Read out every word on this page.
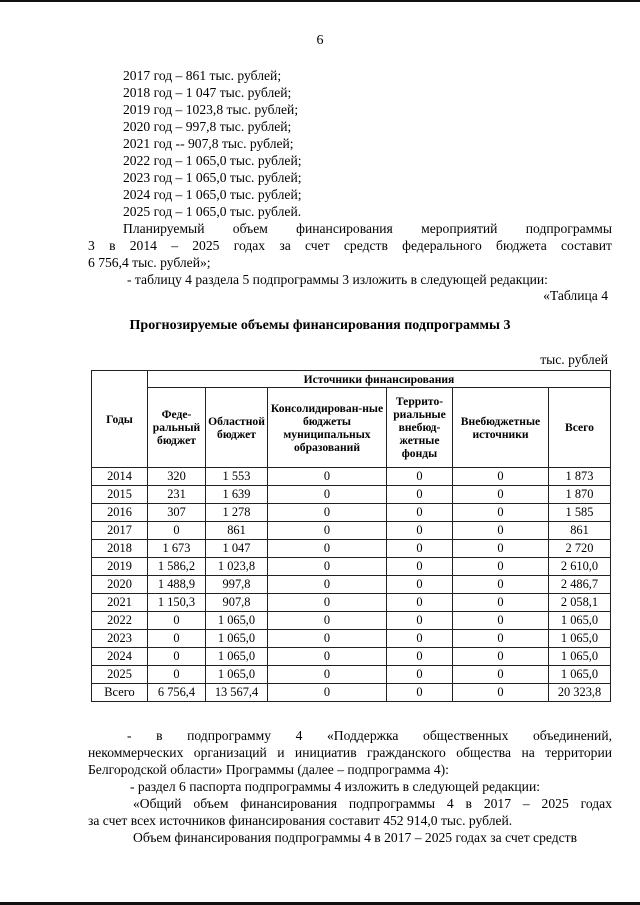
6
2017 год – 861 тыс. рублей;
2018 год – 1 047 тыс. рублей;
2019 год – 1023,8 тыс. рублей;
2020 год – 997,8 тыс. рублей;
2021 год -- 907,8 тыс. рублей;
2022 год – 1 065,0 тыс. рублей;
2023 год – 1 065,0 тыс. рублей;
2024 год – 1 065,0 тыс. рублей;
2025 год – 1 065,0 тыс. рублей.
Планируемый объем финансирования мероприятий подпрограммы
3 в 2014 – 2025 годах за счет средств федерального бюджета составит
6 756,4 тыс. рублей»;
- таблицу 4 раздела 5 подпрограммы 3 изложить в следующей редакции:
«Таблица 4
Прогнозируемые объемы финансирования подпрограммы 3
тыс. рублей
Годы	Источники финансирования					
	Феде-ральный бюджет	Областной бюджет	Консолидирован-ные бюджеты муниципальных образований	Террито-риальные внебюд-жетные фонды	Внебюджетные источники	Всего
2014	320	1 553	0	0	0	1 873
2015	231	1 639	0	0	0	1 870
2016	307	1 278	0	0	0	1 585
2017	0	861	0	0	0	861
2018	1 673	1 047	0	0	0	2 720
2019	1 586,2	1 023,8	0	0	0	2 610,0
2020	1 488,9	997,8	0	0	0	2 486,7
2021	1 150,3	907,8	0	0	0	2 058,1
2022	0	1 065,0	0	0	0	1 065,0
2023	0	1 065,0	0	0	0	1 065,0
2024	0	1 065,0	0	0	0	1 065,0
2025	0	1 065,0	0	0	0	1 065,0
Всего	6 756,4	13 567,4	0	0	0	20 323,8
- в подпрограмму 4 «Поддержка общественных объединений,
некоммерческих организаций и инициатив гражданского общества на территории
Белгородской области» Программы (далее – подпрограмма 4):
- раздел 6 паспорта подпрограммы 4 изложить в следующей редакции:
«Общий объем финансирования подпрограммы 4 в 2017 – 2025 годах
за счет всех источников финансирования составит 452 914,0 тыс. рублей.
Объем финансирования подпрограммы 4 в 2017 – 2025 годах за счет средств
